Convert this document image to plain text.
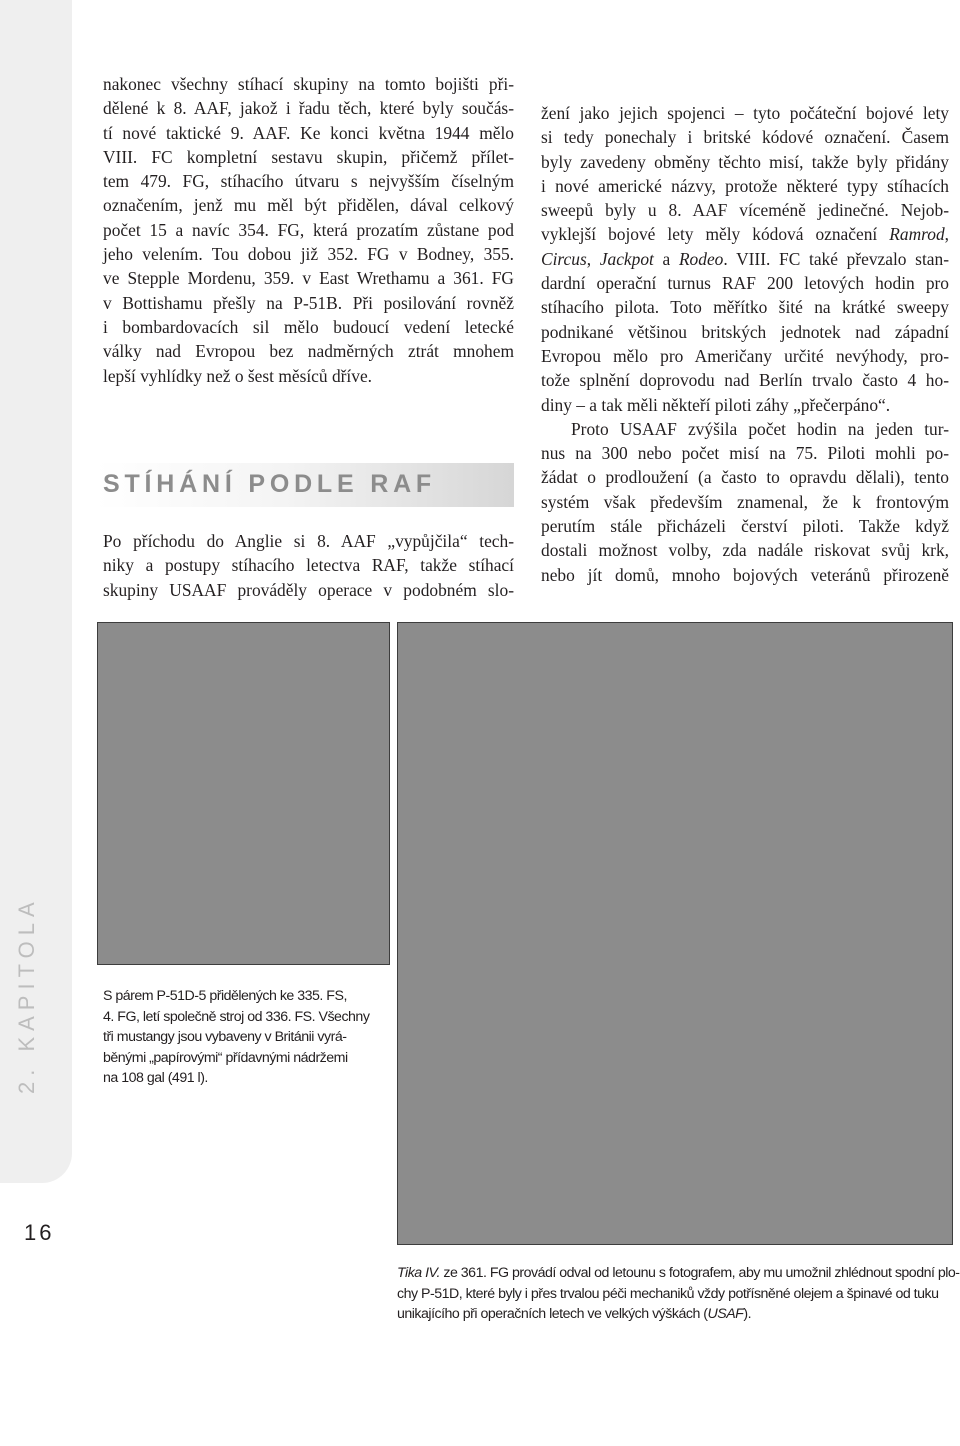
2. KAPITOLA
16

nakonec všechny stíhací skupiny na tomto bojišti při-
dělené k 8. AAF, jakož i řadu těch, které byly součás-
tí nové taktické 9. AAF. Ke konci května 1944 mělo
VIII. FC kompletní sestavu skupin, přičemž přílet-
tem 479. FG, stíhacího útvaru s nejvyšším číselným
označením, jenž mu měl být přidělen, dával celkový
počet 15 a navíc 354. FG, která prozatím zůstane pod
jeho velením. Tou dobou již 352. FG v Bodney, 355.
ve Stepple Mordenu, 359. v East Wrethamu a 361. FG
v Bottishamu přešly na P-51B. Při posilování rovněž
i bombardovacích sil mělo budoucí vedení letecké
války nad Evropou bez nadměrných ztrát mnohem
lepší vyhlídky než o šest měsíců dříve.

STÍHÁNÍ PODLE RAF

Po příchodu do Anglie si 8. AAF „vypůjčila“ tech-
niky a postupy stíhacího letectva RAF, takže stíhací
skupiny USAAF prováděly operace v podobném slo-

žení jako jejich spojenci – tyto počáteční bojové lety
si tedy ponechaly i britské kódové označení. Časem
byly zavedeny obměny těchto misí, takže byly přidány
i nové americké názvy, protože některé typy stíhacích
sweepů byly u 8. AAF víceméně jedinečné. Nejob-
vyklejší bojové lety měly kódová označení Ramrod,
Circus, Jackpot a Rodeo. VIII. FC také převzalo stan-
dardní operační turnus RAF 200 letových hodin pro
stíhacího pilota. Toto měřítko šité na krátké sweepy
podnikané většinou britských jednotek nad západní
Evropou mělo pro Američany určité nevýhody, pro-
tože splnění doprovodu nad Berlín trvalo často 4 ho-
diny – a tak měli někteří piloti záhy „přečerpáno“.

Proto USAAF zvýšila počet hodin na jeden tur-
nus na 300 nebo počet misí na 75. Piloti mohli po-
žádat o prodloužení (a často to opravdu dělali), tento
systém však především znamenal, že k frontovým
perutím stále přicházeli čerství piloti. Takže když
dostali možnost volby, zda nadále riskovat svůj krk,
nebo jít domů, mnoho bojových veteránů přirozeně

S párem P-51D-5 přidělených ke 335. FS,
4. FG, letí společně stroj od 336. FS. Všechny
tři mustangy jsou vybaveny v Británii vyrá-
běnými „papírovými“ přídavnými nádržemi
na 108 gal (491 l).
Tika IV. ze 361. FG provádí odval od letounu s fotografem, aby mu umožnil zhlédnout spodní plo-
chy P-51D, které byly i přes trvalou péči mechaniků vždy potřísněné olejem a špinavé od tuku
unikajícího při operačních letech ve velkých výškách (USAF).
